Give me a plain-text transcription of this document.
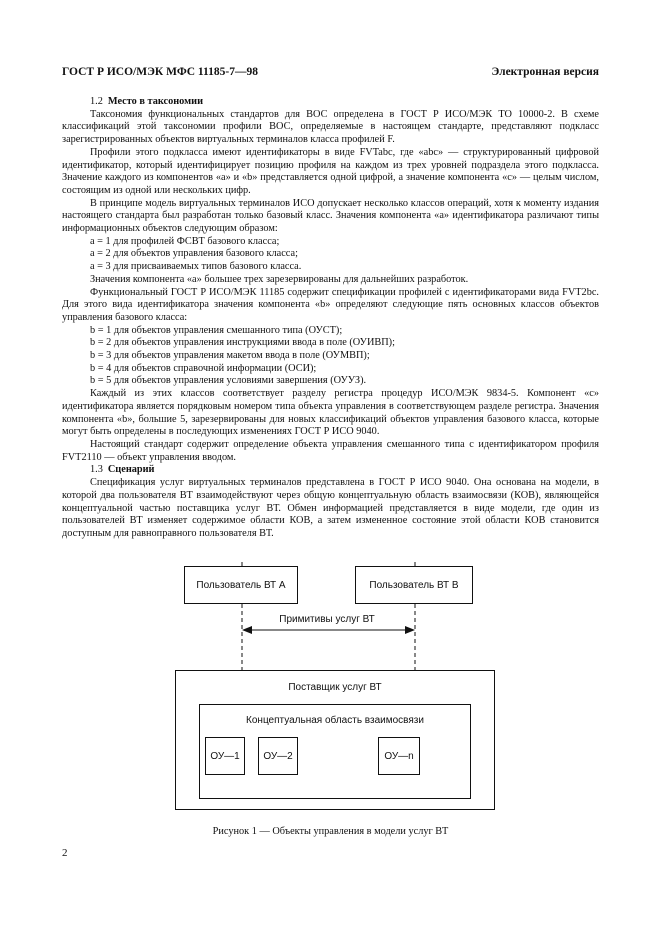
ГОСТ Р ИСО/МЭК МФС 11185-7—98	Электронная версия

1.2 Место в таксономии

Таксономия функциональных стандартов для ВОС определена в ГОСТ Р ИСО/МЭК ТО 10000-2. В схеме классификаций этой таксономии профили ВОС, определяемые в настоящем стандарте, представляют подкласс зарегистрированных объектов виртуальных терминалов класса профилей F.

Профили этого подкласса имеют идентификаторы в виде FVTabc, где «abc» — структурированный цифровой идентификатор, который идентифицирует позицию профиля на каждом из трех уровней подраздела этого подкласса. Значение каждого из компонентов «a» и «b» представляется одной цифрой, а значение компонента «c» — целым числом, состоящим из одной или нескольких цифр.

В принципе модель виртуальных терминалов ИСО допускает несколько классов операций, хотя к моменту издания настоящего стандарта был разработан только базовый класс. Значения компонента «a» идентификатора различают типы информационных объектов следующим образом:

a = 1 для профилей ФСВТ базового класса;

a = 2 для объектов управления базового класса;

a = 3 для присваиваемых типов базового класса.

Значения компонента «a» большее трех зарезервированы для дальнейших разработок.

Функциональный ГОСТ Р ИСО/МЭК 11185 содержит спецификации профилей с идентификаторами вида FVT2bc. Для этого вида идентификатора значения компонента «b» определяют следующие пять основных классов объектов управления базового класса:

b = 1 для объектов управления смешанного типа (ОУСТ);

b = 2 для объектов управления инструкциями ввода в поле (ОУИВП);

b = 3 для объектов управления макетом ввода в поле (ОУМВП);

b = 4 для объектов справочной информации (ОСИ);

b = 5 для объектов управления условиями завершения (ОУУЗ).

Каждый из этих классов соответствует разделу регистра процедур ИСО/МЭК 9834-5. Компонент «c» идентификатора является порядковым номером типа объекта управления в соответствующем разделе регистра. Значения компонента «b», большие 5, зарезервированы для новых классификаций объектов управления базового класса, которые могут быть определены в последующих изменениях ГОСТ Р ИСО 9040.

Настоящий стандарт содержит определение объекта управления смешанного типа с идентификатором профиля FVT2110 — объект управления вводом.

1.3 Сценарий

Спецификация услуг виртуальных терминалов представлена в ГОСТ Р ИСО 9040. Она основана на модели, в которой два пользователя ВТ взаимодействуют через общую концептуальную область взаимосвязи (КОВ), являющейся концептуальной частью поставщика услуг ВТ. Обмен информацией представляется в виде модели, где один из пользователей ВТ изменяет содержимое области КОВ, а затем измененное состояние этой области КОВ становится доступным для равноправного пользователя ВТ.

Пользователь ВТ А	Пользователь ВТ В
Примитивы услуг ВТ
Поставщик услуг ВТ
Концептуальная область взаимосвязи
ОУ—1 ОУ—2	ОУ—n
Рисунок 1 — Объекты управления в модели услуг ВТ
2
